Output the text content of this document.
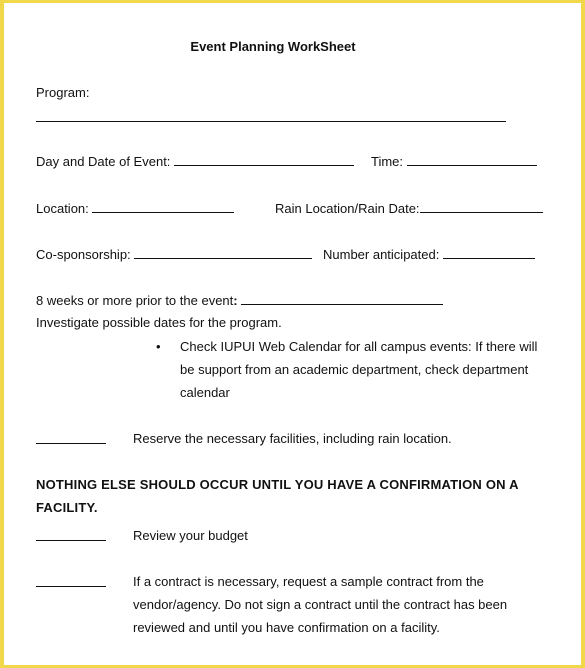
Event Planning WorkSheet
Program:
Day and Date of Event:	Time:
Location:	Rain Location/Rain Date:
Co-sponsorship:	Number anticipated:
8 weeks or more prior to the event:
Investigate possible dates for the program.
• Check IUPUI Web Calendar for all campus events: If there will
be support from an academic department, check department
calendar
Reserve the necessary facilities, including rain location.
NOTHING ELSE SHOULD OCCUR UNTIL YOU HAVE A CONFIRMATION ON A
FACILITY.
Review your budget
If a contract is necessary, request a sample contract from the
vendor/agency. Do not sign a contract until the contract has been
reviewed and until you have confirmation on a facility.
